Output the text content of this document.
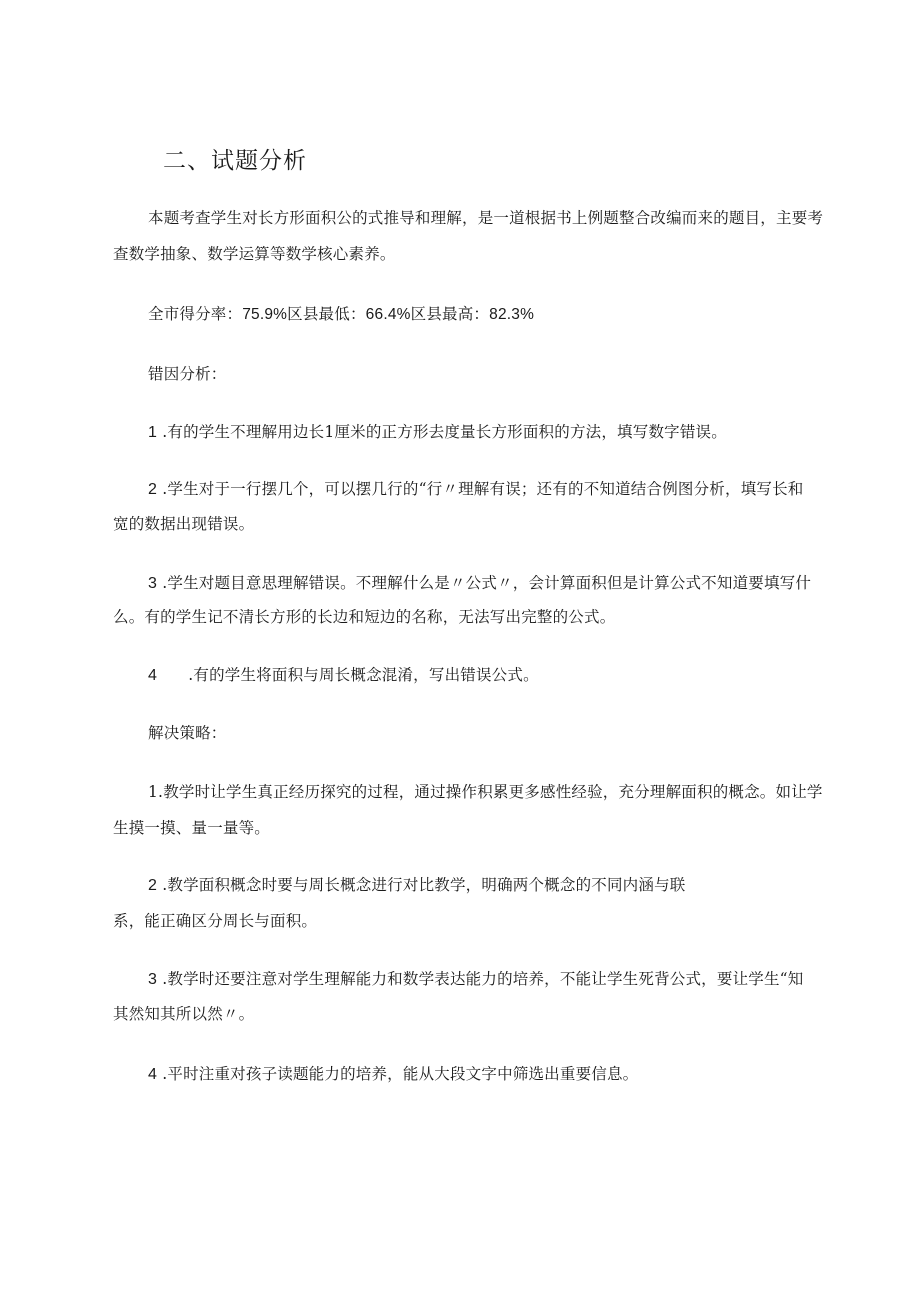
二、试题分析
本题考查学生对长方形面积公的式推导和理解，是一道根据书上例题整合改编而来的题目，主要考
查数学抽象、数学运算等数学核心素养。
全市得分率：75.9%区县最低：66.4%区县最高：82.3%
错因分析：
1 .有的学生不理解用边长1厘米的正方形去度量长方形面积的方法，填写数字错误。
2 .学生对于一行摆几个，可以摆几行的“行〃理解有误；还有的不知道结合例图分析，填写长和
宽的数据出现错误。
3 .学生对题目意思理解错误。不理解什么是〃公式〃，会计算面积但是计算公式不知道要填写什
么。有的学生记不清长方形的长边和短边的名称，无法写出完整的公式。
4 .有的学生将面积与周长概念混淆，写出错误公式。
解决策略：
1.教学时让学生真正经历探究的过程，通过操作积累更多感性经验，充分理解面积的概念。如让学
生摸一摸、量一量等。
2 .教学面积概念时要与周长概念进行对比教学，明确两个概念的不同内涵与联
系，能正确区分周长与面积。
3 .教学时还要注意对学生理解能力和数学表达能力的培养，不能让学生死背公式，要让学生“知
其然知其所以然〃。
4 .平时注重对孩子读题能力的培养，能从大段文字中筛选出重要信息。
